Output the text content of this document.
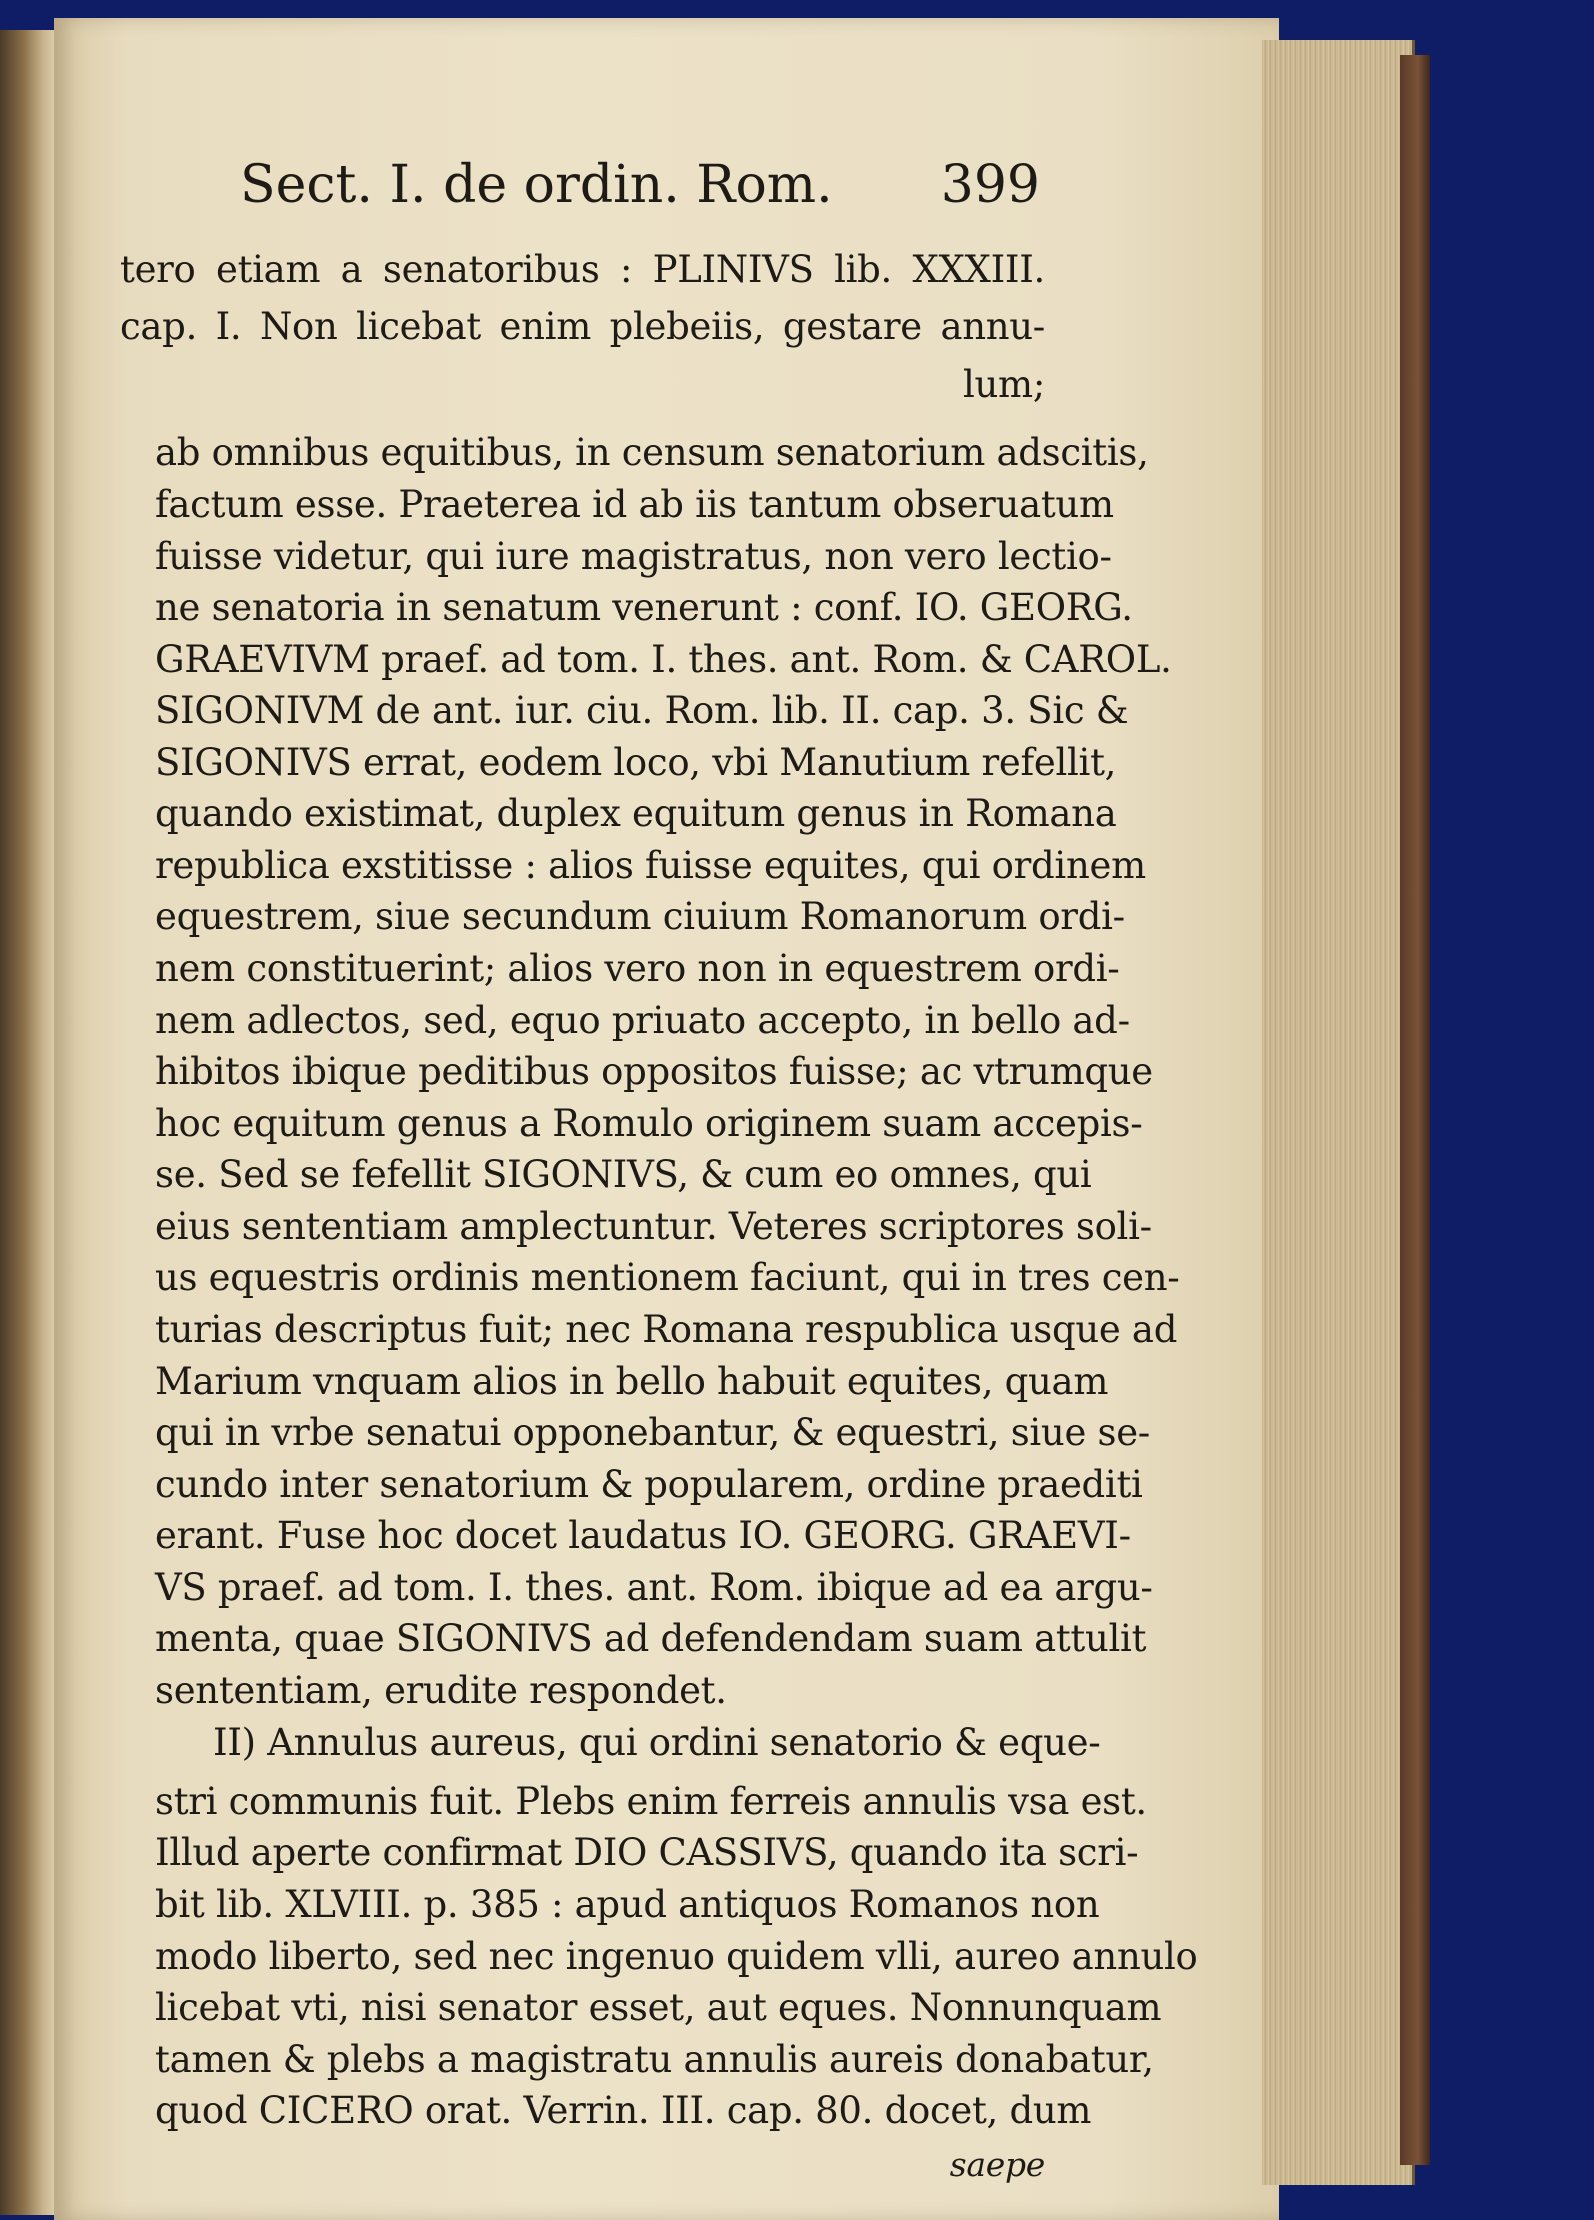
Sect. I. de ordin. Rom. 399
tero etiam a senatoribus : PLINIVS lib. XXXIII.
cap. I. Non licebat enim plebeiis, gestare annu-
lum;
ab omnibus equitibus, in censum senatorium adscitis,
factum esse. Praeterea id ab iis tantum obseruatum
fuisse videtur, qui iure magistratus, non vero lectio-
ne senatoria in senatum venerunt : conf. IO. GEORG.
GRAEVIVM praef. ad tom. I. thes. ant. Rom. & CAROL.
SIGONIVM de ant. iur. ciu. Rom. lib. II. cap. 3. Sic &
SIGONIVS errat, eodem loco, vbi Manutium refellit,
quando existimat, duplex equitum genus in Romana
republica exstitisse : alios fuisse equites, qui ordinem
equestrem, siue secundum ciuium Romanorum ordi-
nem constituerint; alios vero non in equestrem ordi-
nem adlectos, sed, equo priuato accepto, in bello ad-
hibitos ibique peditibus oppositos fuisse; ac vtrumque
hoc equitum genus a Romulo originem suam accepis-
se. Sed se fefellit SIGONIVS, & cum eo omnes, qui
eius sententiam amplectuntur. Veteres scriptores soli-
us equestris ordinis mentionem faciunt, qui in tres cen-
turias descriptus fuit; nec Romana respublica usque ad
Marium vnquam alios in bello habuit equites, quam
qui in vrbe senatui opponebantur, & equestri, siue se-
cundo inter senatorium & popularem, ordine praediti
erant. Fuse hoc docet laudatus IO. GEORG. GRAEVI-
VS praef. ad tom. I. thes. ant. Rom. ibique ad ea argu-
menta, quae SIGONIVS ad defendendam suam attulit
sententiam, erudite respondet.
II) Annulus aureus, qui ordini senatorio & eque-
stri communis fuit. Plebs enim ferreis annulis vsa est.
Illud aperte confirmat DIO CASSIVS, quando ita scri-
bit lib. XLVIII. p. 385 : apud antiquos Romanos non
modo liberto, sed nec ingenuo quidem vlli, aureo annulo
licebat vti, nisi senator esset, aut eques. Nonnunquam
tamen & plebs a magistratu annulis aureis donabatur,
quod CICERO orat. Verrin. III. cap. 80. docet, dum
saepe
